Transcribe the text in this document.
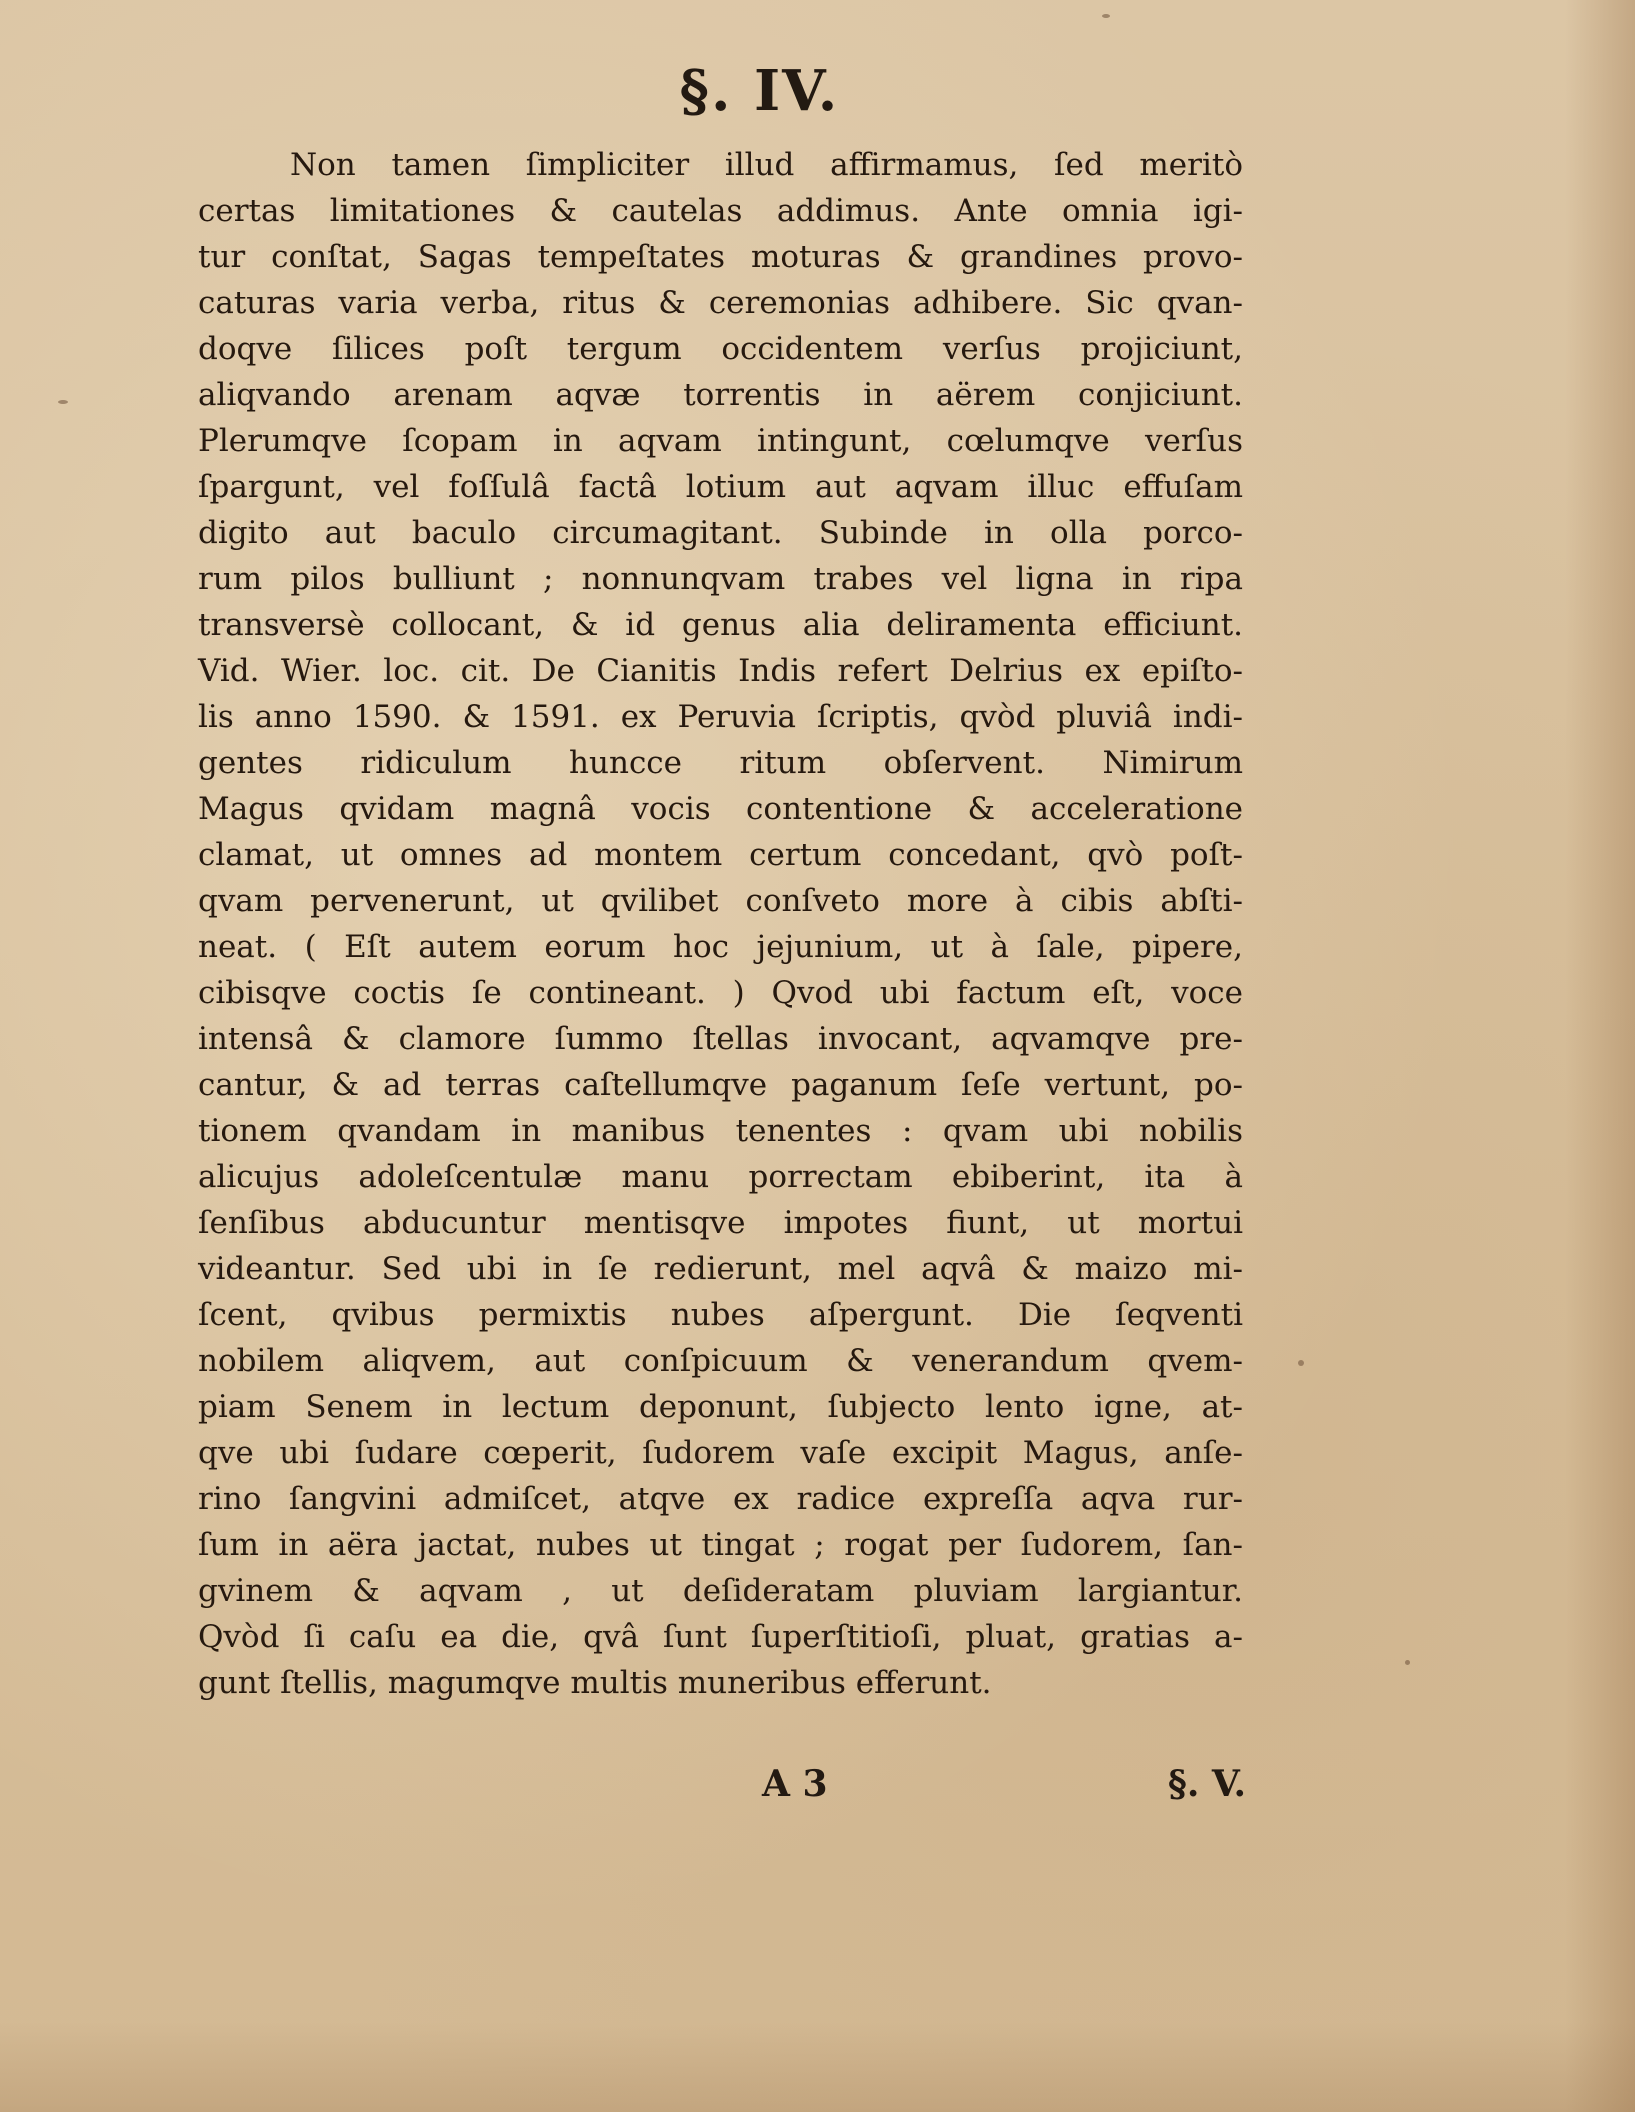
§. IV.
Non tamen ſimpliciter illud affirmamus, ſed meritò
certas limitationes & cautelas addimus. Ante omnia igi-
tur conſtat, Sagas tempeſtates moturas & grandines provo-
caturas varia verba, ritus & ceremonias adhibere. Sic qvan-
doqve ſilices poſt tergum occidentem verſus projiciunt,
aliqvando arenam aqvæ torrentis in aërem conjiciunt.
Plerumqve ſcopam in aqvam intingunt, cœlumqve verſus
ſpargunt, vel foſſulâ factâ lotium aut aqvam illuc effuſam
digito aut baculo circumagitant. Subinde in olla porco-
rum pilos bulliunt ; nonnunqvam trabes vel ligna in ripa
transversè collocant, & id genus alia deliramenta efficiunt.
Vid. Wier. loc. cit. De Cianitis Indis refert Delrius ex epiſto-
lis anno 1590. & 1591. ex Peruvia ſcriptis, qvòd pluviâ indi-
gentes ridiculum huncce ritum obſervent. Nimirum
Magus qvidam magnâ vocis contentione & acceleratione
clamat, ut omnes ad montem certum concedant, qvò poſt-
qvam pervenerunt, ut qvilibet conſveto more à cibis abſti-
neat. ( Eſt autem eorum hoc jejunium, ut à ſale, pipere,
cibisqve coctis ſe contineant. ) Qvod ubi factum eſt, voce
intensâ & clamore ſummo ſtellas invocant, aqvamqve pre-
cantur, & ad terras caſtellumqve paganum ſeſe vertunt, po-
tionem qvandam in manibus tenentes : qvam ubi nobilis
alicujus adoleſcentulæ manu porrectam ebiberint, ita à
ſenſibus abducuntur mentisqve impotes fiunt, ut mortui
videantur. Sed ubi in ſe redierunt, mel aqvâ & maizo mi-
ſcent, qvibus permixtis nubes aſpergunt. Die ſeqventi
nobilem aliqvem, aut conſpicuum & venerandum qvem-
piam Senem in lectum deponunt, ſubjecto lento igne, at-
qve ubi ſudare cœperit, ſudorem vaſe excipit Magus, anſe-
rino ſangvini admiſcet, atqve ex radice expreſſa aqva rur-
ſum in aëra jactat, nubes ut tingat ; rogat per ſudorem, ſan-
gvinem & aqvam , ut deſideratam pluviam largiantur.
Qvòd ſi caſu ea die, qvâ ſunt ſuperſtitioſi, pluat, gratias a-
gunt ſtellis, magumqve multis muneribus efferunt.

A 3	§. V.
